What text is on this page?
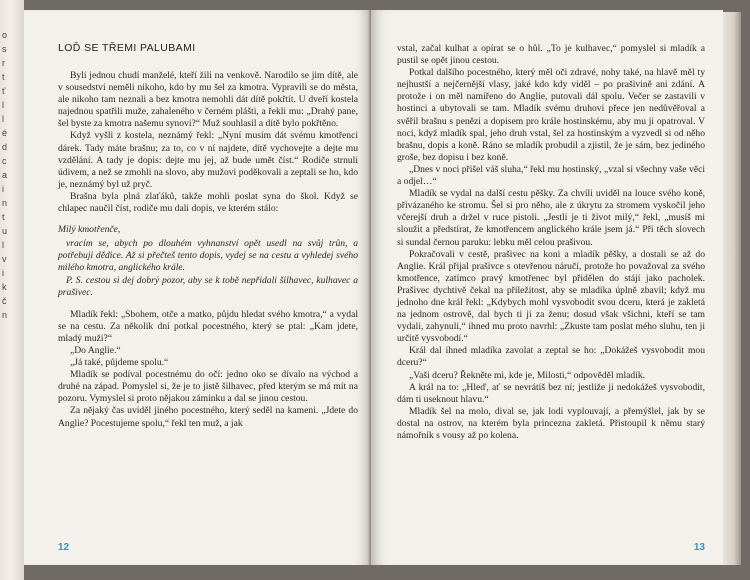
o
s
r
t
ť
l
l
é
d
c
a
i
n
t
u
l
v
i
k
č
n
LOĎ SE TŘEMI PALUBAMI

Byli jednou chudí manželé, kteří žili na venkově. Narodilo se jim dítě, ale v sousedství neměli nikoho, kdo by mu šel za kmotra. Vypravili se do města, ale nikoho tam neznali a bez kmotra nemohli dát dítě pokřtít. U dveří kostela najednou spatřili muže, zahaleného v černém plášti, a řekli mu: „Drahý pane, šel byste za kmotra našemu synovi?“ Muž souhlasil a dítě bylo pokřtěno.

Když vyšli z kostela, neznámý řekl: „Nyní musím dát svému kmotřenci dárek. Tady máte brašnu; za to, co v ní najdete, dítě vychovejte a dejte mu vzdělání. A tady je dopis: dejte mu jej, až bude umět číst.“ Rodiče strnuli údivem, a než se zmohli na slovo, aby mužovi poděkovali a zeptali se ho, kdo je, neznámý byl už pryč.

Brašna byla plná zlaťáků, takže mohli poslat syna do škol. Když se chlapec naučil číst, rodiče mu dali dopis, ve kterém stálo:

Milý kmotřenče,

vracím se, abych po dlouhém vyhnanství opět usedl na svůj trůn, a potřebuji dědice. Až si přečteš tento dopis, vydej se na cestu a vyhledej svého milého kmotra, anglického krále.

P. S. cestou si dej dobrý pozor, aby se k tobě nepřidali šilhavec, kulhavec a prašivec.

Mladík řekl: „Sbohem, otče a matko, půjdu hledat svého kmotra,“ a vydal se na cestu. Za několik dní potkal pocestného, který se ptal: „Kam jdete, mladý muži?“

„Do Anglie.“

„Já také, půjdeme spolu.“

Mladík se podíval pocestnému do očí: jedno oko se dívalo na východ a druhé na západ. Pomyslel si, že je to jistě šilhavec, před kterým se má mít na pozoru. Vymyslel si proto nějakou záminku a dal se jinou cestou.

Za nějaký čas uviděl jiného pocestného, který seděl na kameni. „Jdete do Anglie? Pocestujeme spolu,“ řekl ten muž, a jak

12

vstal, začal kulhat a opírat se o hůl. „To je kulhavec,“ pomyslel si mladík a pustil se opět jinou cestou.

Potkal dalšího pocestného, který měl oči zdravé, nohy také, na hlavě měl ty nejhustší a nejčernější vlasy, jaké kdo kdy viděl – po prašivině ani zdání. A protože i on měl namířeno do Anglie, putovali dál spolu. Večer se zastavili v hostinci a ubytovali se tam. Mladík svému druhovi přece jen nedůvěřoval a svěřil brašnu s penězi a dopisem pro krále hostinskému, aby mu ji opatroval. V noci, když mladík spal, jeho druh vstal, šel za hostinským a vyzvedl si od něho brašnu, dopis a koně. Ráno se mladík probudil a zjistil, že je sám, bez jediného groše, bez dopisu i bez koně.

„Dnes v noci přišel váš sluha,“ řekl mu hostinský, „vzal si všechny vaše věci a odjel…“

Mladík se vydal na další cestu pěšky. Za chvíli uviděl na louce svého koně, přivázaného ke stromu. Šel si pro něho, ale z úkrytu za stromem vyskočil jeho včerejší druh a držel v ruce pistoli. „Jestli je ti život milý,“ řekl, „musíš mi sloužit a předstírat, že kmotřencem anglického krále jsem já.“ Při těch slovech si sundal černou paruku: lebku měl celou prašivou.

Pokračovali v cestě, prašivec na koni a mladík pěšky, a dostali se až do Anglie. Král přijal prašivce s otevřenou náručí, protože ho považoval za svého kmotřence, zatímco pravý kmotřenec byl přidělen do stájí jako pacholek. Prašivec dychtivě čekal na příležitost, aby se mladíka úplně zbavil; když mu jednoho dne král řekl: „Kdybych mohl vysvobodit svou dceru, která je zakletá na jednom ostrově, dal bych ti ji za ženu; dosud však všichni, kteří se tam vydali, zahynuli,“ ihned mu proto navrhl: „Zkuste tam poslat mého sluhu, ten ji určitě vysvobodí.“

Král dal ihned mladíka zavolat a zeptal se ho: „Dokážeš vysvobodit mou dceru?“

„Vaši dceru? Řekněte mi, kde je, Milosti,“ odpověděl mladík.

A král na to: „Hleď, ať se nevrátíš bez ní; jestliže ji nedokážeš vysvobodit, dám ti useknout hlavu.“

Mladík šel na molo, dival se, jak lodi vyplouvají, a přemýšlel, jak by se dostal na ostrov, na kterém byla princezna zakletá. Přistoupil k němu starý námořník s vousy až po kolena.

13
